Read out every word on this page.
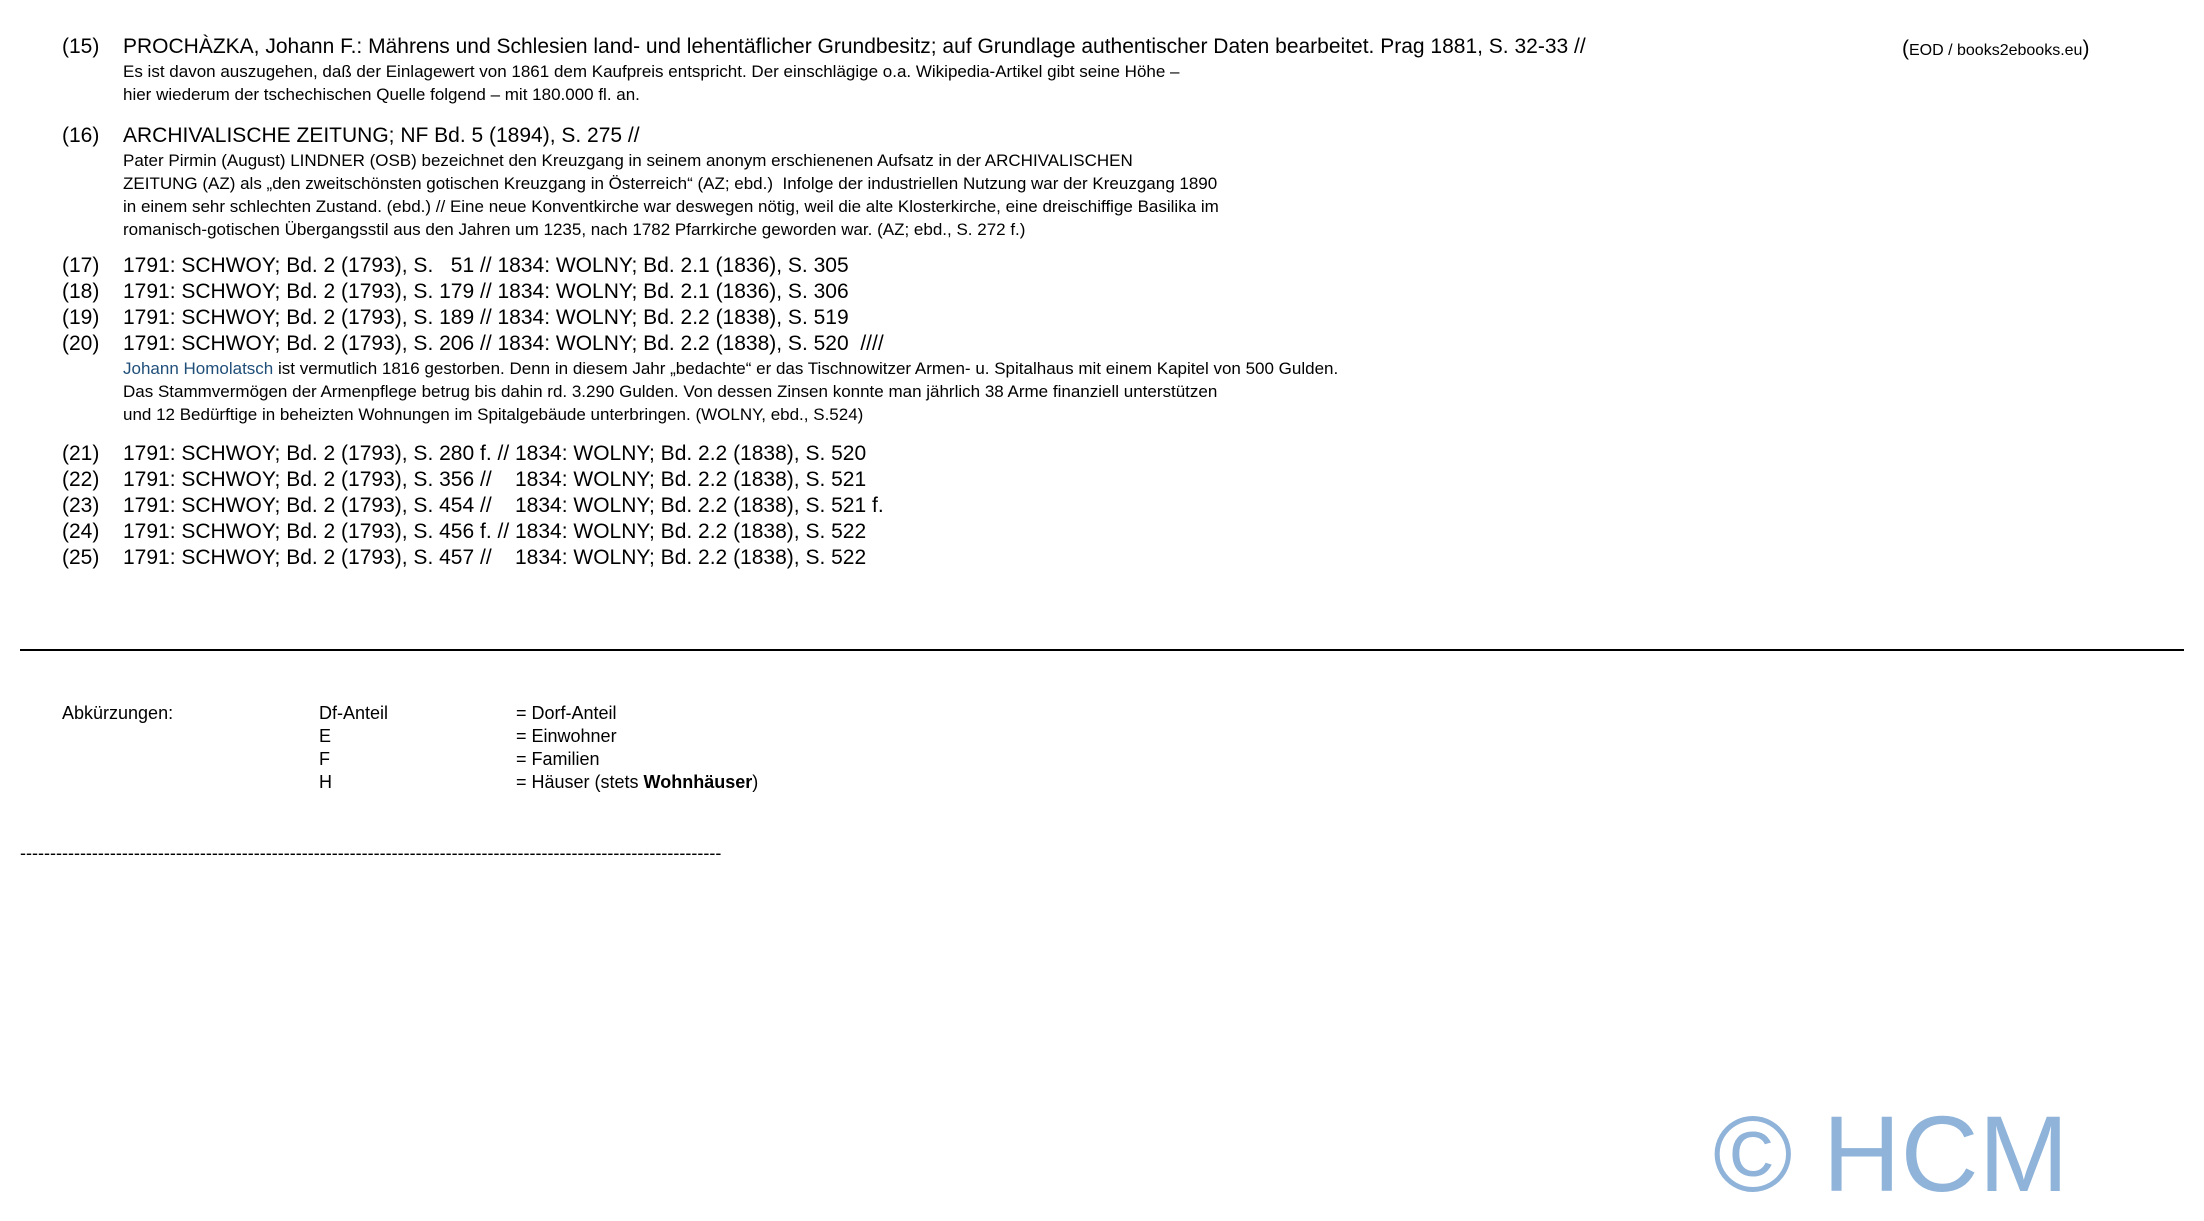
(15) PROCHÀZKA, Johann F.: Mährens und Schlesien land- und lehentäflicher Grundbesitz; auf Grundlage authentischer Daten bearbeitet. Prag 1881, S. 32-33 //
Es ist davon auszugehen, daß der Einlagewert von 1861 dem Kaufpreis entspricht. Der einschlägige o.a. Wikipedia-Artikel gibt seine Höhe –
hier wiederum der tschechischen Quelle folgend – mit 180.000 fl. an.
(EOD / books2ebooks.eu)
(16) ARCHIVALISCHE ZEITUNG; NF Bd. 5 (1894), S. 275 //
Pater Pirmin (August) LINDNER (OSB) bezeichnet den Kreuzgang in seinem anonym erschienenen Aufsatz in der ARCHIVALISCHEN
ZEITUNG (AZ) als „den zweitschönsten gotischen Kreuzgang in Österreich“ (AZ; ebd.)  Infolge der industriellen Nutzung war der Kreuzgang 1890
in einem sehr schlechten Zustand. (ebd.) // Eine neue Konventkirche war deswegen nötig, weil die alte Klosterkirche, eine dreischiffige Basilika im
romanisch-gotischen Übergangsstil aus den Jahren um 1235, nach 1782 Pfarrkirche geworden war. (AZ; ebd., S. 272 f.)
(17) 1791: SCHWOY; Bd. 2 (1793), S.   51 // 1834: WOLNY; Bd. 2.1 (1836), S. 305
(18) 1791: SCHWOY; Bd. 2 (1793), S. 179 // 1834: WOLNY; Bd. 2.1 (1836), S. 306
(19) 1791: SCHWOY; Bd. 2 (1793), S. 189 // 1834: WOLNY; Bd. 2.2 (1838), S. 519
(20) 1791: SCHWOY; Bd. 2 (1793), S. 206 // 1834: WOLNY; Bd. 2.2 (1838), S. 520  ////
Johann Homolatsch ist vermutlich 1816 gestorben. Denn in diesem Jahr „bedachte“ er das Tischnowitzer Armen- u. Spitalhaus mit einem Kapitel von 500 Gulden.
Das Stammvermögen der Armenpflege betrug bis dahin rd. 3.290 Gulden. Von dessen Zinsen konnte man jährlich 38 Arme finanziell unterstützen
und 12 Bedürftige in beheizten Wohnungen im Spitalgebäude unterbringen. (WOLNY, ebd., S.524)
(21) 1791: SCHWOY; Bd. 2 (1793), S. 280 f. // 1834: WOLNY; Bd. 2.2 (1838), S. 520
(22) 1791: SCHWOY; Bd. 2 (1793), S. 356 //    1834: WOLNY; Bd. 2.2 (1838), S. 521
(23) 1791: SCHWOY; Bd. 2 (1793), S. 454 //    1834: WOLNY; Bd. 2.2 (1838), S. 521 f.
(24) 1791: SCHWOY; Bd. 2 (1793), S. 456 f. // 1834: WOLNY; Bd. 2.2 (1838), S. 522
(25) 1791: SCHWOY; Bd. 2 (1793), S. 457 //    1834: WOLNY; Bd. 2.2 (1838), S. 522
Abkürzungen:	Df-Anteil
E
F
H
= Dorf-Anteil
= Einwohner
= Familien
= Häuser (stets Wohnhäuser)
---------------------------------------------------------------------------------------------------------------------
© HCM
